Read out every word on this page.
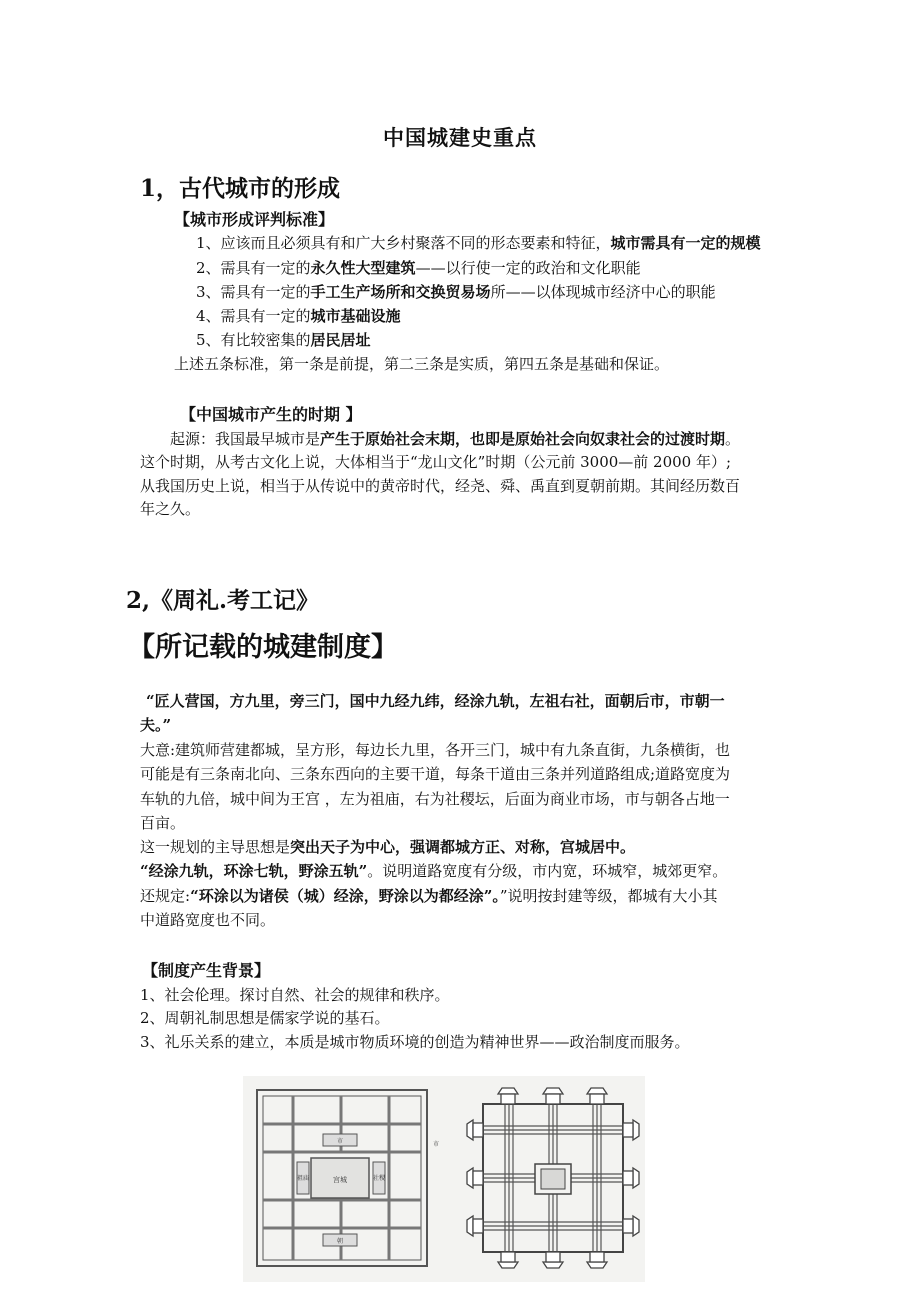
中国城建史重点
1，古代城市的形成
【城市形成评判标准】
1、应该而且必须具有和广大乡村聚落不同的形态要素和特征，城市需具有一定的规模
2、需具有一定的永久性大型建筑——以行使一定的政治和文化职能
3、需具有一定的手工生产场所和交换贸易场所——以体现城市经济中心的职能
4、需具有一定的城市基础设施
5、有比较密集的居民居址
上述五条标准，第一条是前提，第二三条是实质，第四五条是基础和保证。
【中国城市产生的时期 】
起源：我国最早城市是产生于原始社会末期，也即是原始社会向奴隶社会的过渡时期。
这个时期，从考古文化上说，大体相当于“龙山文化”时期（公元前 3000—前 2000 年）;
从我国历史上说，相当于从传说中的黄帝时代，经尧、舜、禹直到夏朝前期。其间经历数百
年之久。
2,《周礼.考工记》
【所记载的城建制度】
“匠人营国，方九里，旁三门，国中九经九纬，经涂九轨，左祖右社，面朝后市，市朝一
夫。”
大意:建筑师营建都城，呈方形，每边长九里，各开三门，城中有九条直街，九条横街，也
可能是有三条南北向、三条东西向的主要干道，每条干道由三条并列道路组成;道路宽度为
车轨的九倍，城中间为王宫 ，左为祖庙，右为社稷坛，后面为商业市场，市与朝各占地一
百亩。
这一规划的主导思想是突出天子为中心，强调都城方正、对称，宫城居中。
“经涂九轨，环涂七轨，野涂五轨”。说明道路宽度有分级，市内宽，环城窄，城郊更窄。
还规定:“环涂以为诸侯（城）经涂，野涂以为都经涂”。”说明按封建等级，都城有大小其
中道路宽度也不同。
【制度产生背景】
1、社会伦理。探讨自然、社会的规律和秩序。
2、周朝礼制思想是儒家学说的基石。
3、礼乐关系的建立，本质是城市物质环境的创造为精神世界——政治制度而服务。
宫城
祖庙	社稷
市
朝
市
